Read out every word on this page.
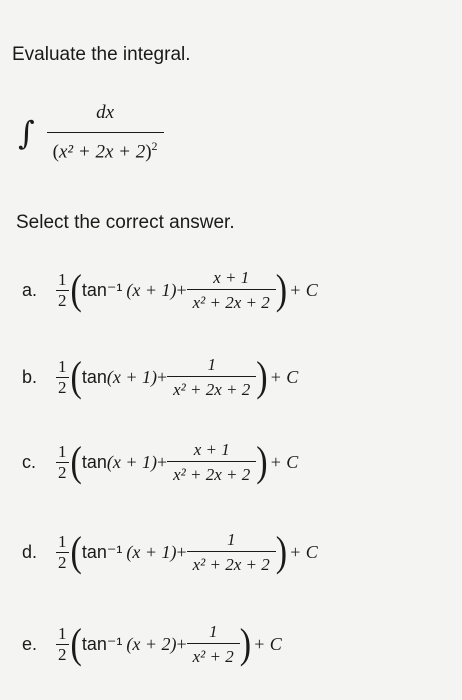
Evaluate the integral.
∫ $\frac{dx}{(x^2 + 2x + 2)^2}$
Select the correct answer.
a.	$\frac{1}{2}$ ( tan⁻¹ $(x + 1) + \frac{x + 1}{\text{x² + 2x + 2}}$ ) + C
b.	$\frac{1}{2}$ ( $\tan (x + 1) + \frac{1}{\text{x² + 2x + 2}}$ ) + C
c.	$\frac{1}{2}$ ( $\tan (x + 1) + \frac{x + 1}{\text{x² + 2x + 2}}$ ) + C
d.	$\frac{1}{2}$ ( tan⁻¹ $(x + 1) + \frac{1}{\text{x² + 2x + 2}}$ ) + C
e.	$\frac{1}{2}$ ( tan⁻¹ $(x + 2) + \frac{1}{\text{x² + 2}}$ ) + C
